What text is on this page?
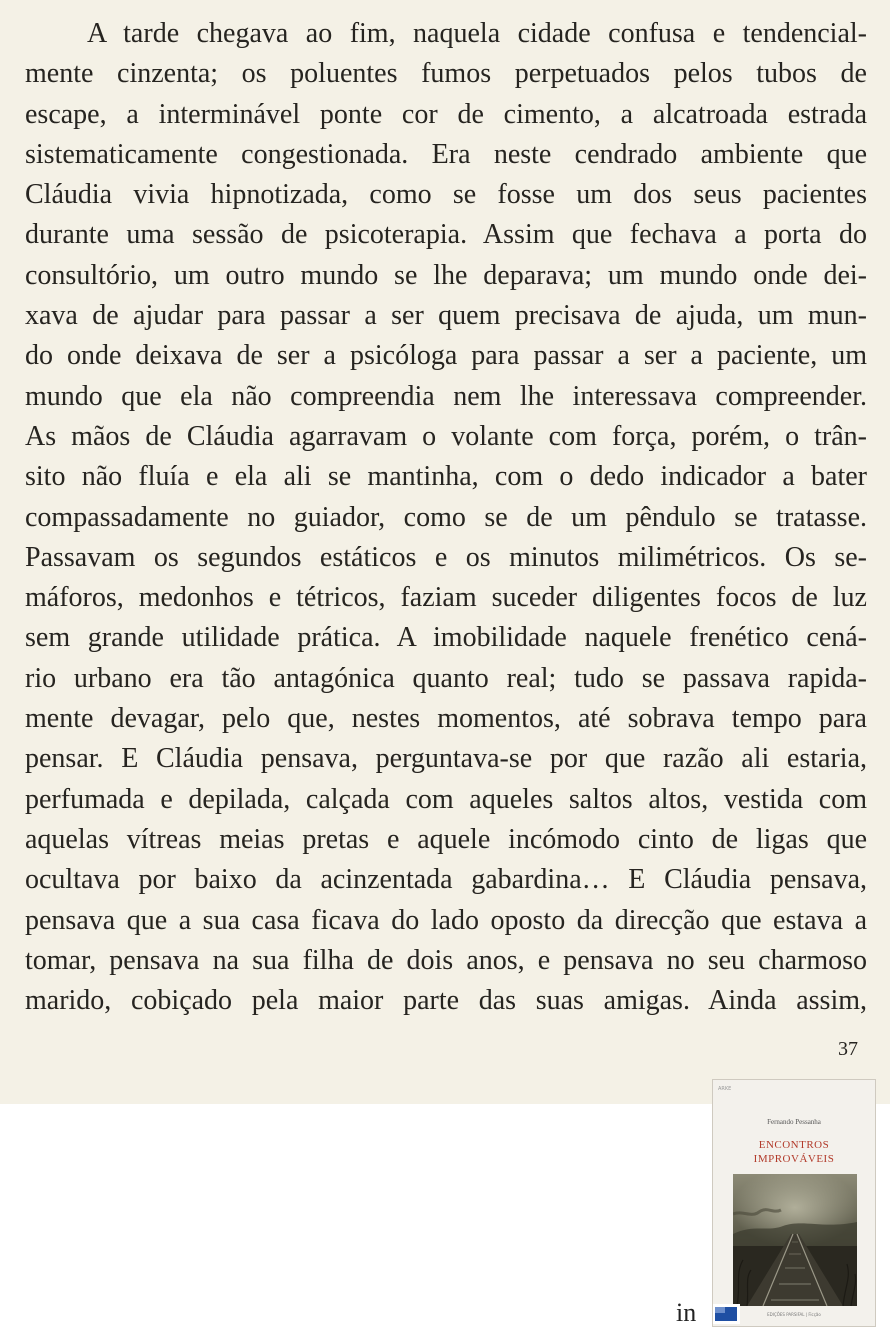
A tarde chegava ao fim, naquela cidade confusa e tendencial-
mente cinzenta; os poluentes fumos perpetuados pelos tubos de
escape, a interminável ponte cor de cimento, a alcatroada estrada
sistematicamente congestionada. Era neste cendrado ambiente que
Cláudia vivia hipnotizada, como se fosse um dos seus pacientes
durante uma sessão de psicoterapia. Assim que fechava a porta do
consultório, um outro mundo se lhe deparava; um mundo onde dei-
xava de ajudar para passar a ser quem precisava de ajuda, um mun-
do onde deixava de ser a psicóloga para passar a ser a paciente, um
mundo que ela não compreendia nem lhe interessava compreender.
As mãos de Cláudia agarravam o volante com força, porém, o trân-
sito não fluía e ela ali se mantinha, com o dedo indicador a bater
compassadamente no guiador, como se de um pêndulo se tratasse.
Passavam os segundos estáticos e os minutos milimétricos. Os se-
máforos, medonhos e tétricos, faziam suceder diligentes focos de luz
sem grande utilidade prática. A imobilidade naquele frenético cená-
rio urbano era tão antagónica quanto real; tudo se passava rapida-
mente devagar, pelo que, nestes momentos, até sobrava tempo para
pensar. E Cláudia pensava, perguntava-se por que razão ali estaria,
perfumada e depilada, calçada com aqueles saltos altos, vestida com
aquelas vítreas meias pretas e aquele incómodo cinto de ligas que
ocultava por baixo da acinzentada gabardina… E Cláudia pensava,
pensava que a sua casa ficava do lado oposto da direcção que estava a
tomar, pensava na sua filha de dois anos, e pensava no seu charmoso
marido, cobiçado pela maior parte das suas amigas. Ainda assim,
37
in
ARKE
Fernando Pessanha
ENCONTROS
IMPROVÁVEIS
EDIÇÕES PARSIFAL | Ficção
